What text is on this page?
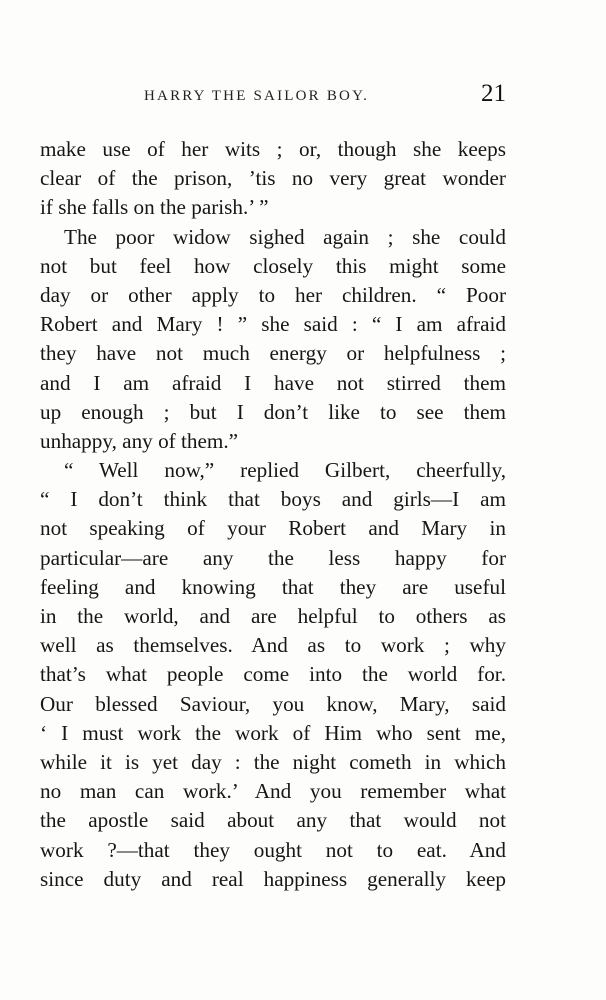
HARRY THE SAILOR BOY.	21
make use of her wits ; or, though she keeps
clear of the prison, ’tis no very great wonder
if she falls on the parish.’ ”
The poor widow sighed again ; she could
not but feel how closely this might some
day or other apply to her children. “ Poor
Robert and Mary ! ” she said : “ I am afraid
they have not much energy or helpfulness ;
and I am afraid I have not stirred them
up enough ; but I don’t like to see them
unhappy, any of them.”
“ Well now,” replied Gilbert, cheerfully,
“ I don’t think that boys and girls—I am
not speaking of your Robert and Mary in
particular—are any the less happy for
feeling and knowing that they are useful
in the world, and are helpful to others as
well as themselves. And as to work ; why
that’s what people come into the world for.
Our blessed Saviour, you know, Mary, said
‘ I must work the work of Him who sent me,
while it is yet day : the night cometh in which
no man can work.’ And you remember what
the apostle said about any that would not
work ?—that they ought not to eat. And
since duty and real happiness generally keep
